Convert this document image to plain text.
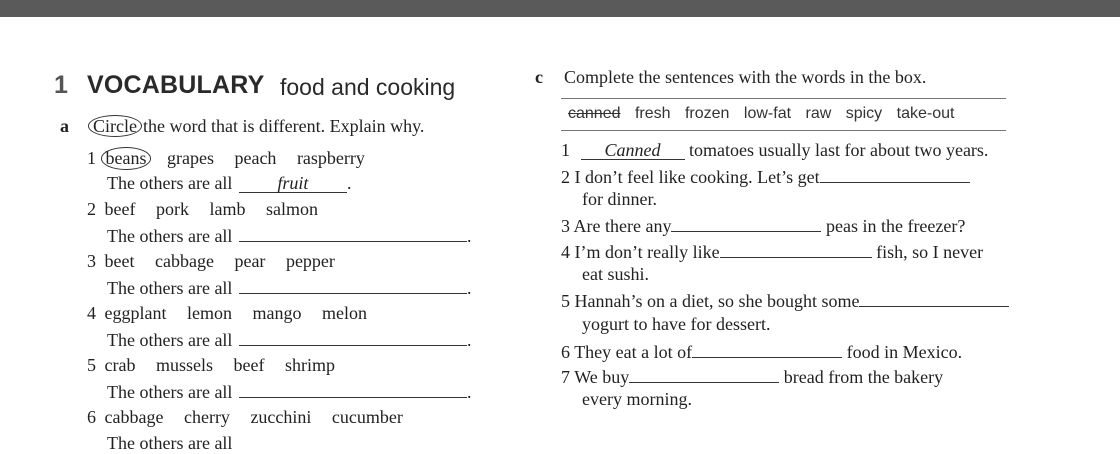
1 VOCABULARY food and cooking
a Circle the word that is different. Explain why.
1 beans grapes peach raspberry
The others are all fruit .
2 beef pork lamb salmon
The others are all	.
3 beet cabbage pear pepper
The others are all	.
4 eggplant lemon mango melon
The others are all	.
5 crab mussels beef shrimp
The others are all	.
6 cabbage cherry zucchini cucumber
The others are all
c Complete the sentences with the words in the box.
canned fresh frozen low-fat raw spicy take-out
1 Canned tomatoes usually last for about two years.
2 I don’t feel like cooking. Let’s get
for dinner.
3 Are there any	peas in the freezer?
4 I’m don’t really like	fish, so I never
eat sushi.
5 Hannah’s on a diet, so she bought some
yogurt to have for dessert.
6 They eat a lot of	food in Mexico.
7 We buy	bread from the bakery
every morning.
